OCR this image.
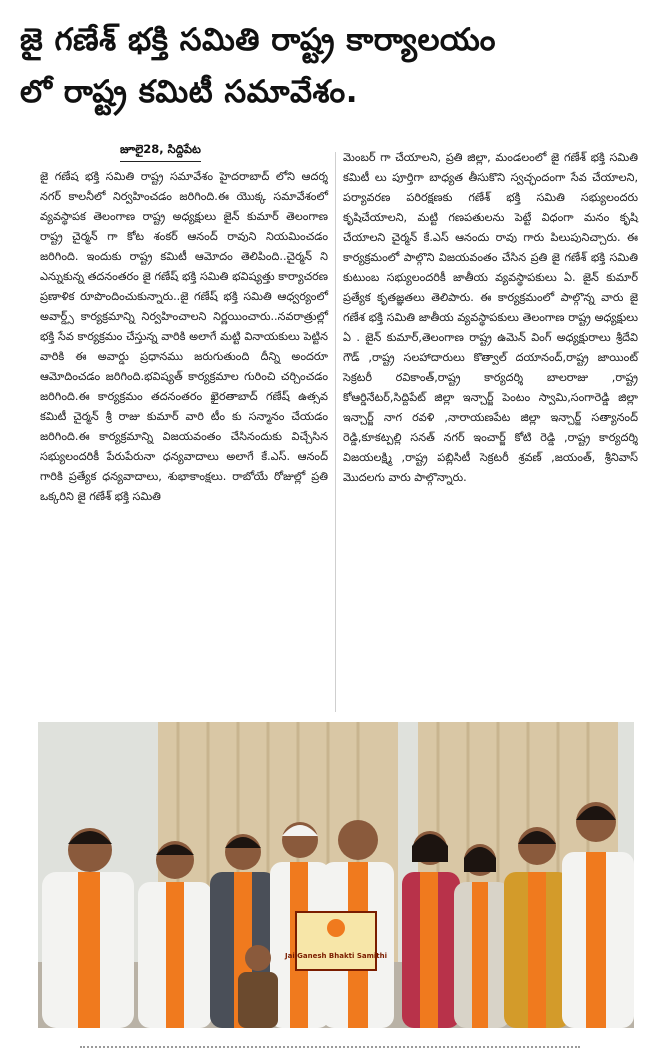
జై గణేశ్ భక్తి సమితి రాష్ట్ర కార్యాలయం
లో రాష్ట్ర కమిటీ సమావేశం.
జూలై28, సిద్దిపేట

జై గణేష భక్తి సమితి రాష్ట్ర సమావేశం హైదరాబాద్ లోని ఆదర్శ నగర్ కాలనీలో నిర్వహించడం జరిగింది.ఈ యొక్క సమావేశంలో వ్యవస్థాపక తెలంగాణ రాష్ట్ర అధ్యక్షులు జైన్ కుమార్ తెలంగాణ రాష్ట్ర చైర్మన్ గా కోట శంకర్ ఆనంద్ రావుని నియమించడం జరిగింది. ఇందుకు రాష్ట్ర కమిటీ ఆమోదం తెలిపింది..చైర్మన్ ని ఎన్నుకున్న తదనంతరం జై గణేష్ భక్తి సమితి భవిష్యత్తు కార్యాచరణ ప్రణాళిక రూపొందించుకున్నారు..జై గణేష్ భక్తి సమితి ఆధ్వర్యంలో అవార్డ్స్ కార్యక్రమాన్ని నిర్వహించాలని నిర్ణయించారు..నవరాత్రుల్లో భక్తి సేవ కార్యక్రమం చేస్తున్న వారికి అలాగే మట్టి వినాయకులు పెట్టిన వారికి ఈ అవార్డు ప్రధానము జరుగుతుంది దీన్ని అందరూ ఆమోదించడం జరిగింది.భవిష్యత్ కార్యక్రమాల గురించి చర్చించడం జరిగింది.ఈ కార్యక్రమం తదనంతరం ఖైరతాబాద్ గణేష్ ఉత్సవ కమిటీ చైర్మన్ శ్రీ రాజు కుమార్ వారి టీం కు సన్మానం చేయడం జరిగింది.ఈ కార్యక్రమాన్ని విజయవంతం చేసినందుకు విచ్చేసిన సభ్యులందరికీ పేరుపేరునా ధన్యవాదాలు అలాగే కే.ఎస్. ఆనంద్ గారికి ప్రత్యేక ధన్యవాదాలు, శుభాకాంక్షలు. రాబోయే రోజుల్లో ప్రతి ఒక్కరిని జై గణేశ్ భక్తి సమితి

మెంబర్ గా చేయాలని, ప్రతి జిల్లా, మండలంలో జై గణేశ్ భక్తి సమితి కమిటీ లు పూర్తిగా బాధ్యత తీసుకొని స్వచ్ఛందంగా సేవ చేయాలని, పర్యావరణ పరిరక్షణకు గణేశ్ భక్తి సమితి సభ్యులందరు కృషిచేయాలని, మట్టి గణపతులను పెట్టే విధంగా మనం కృషి చేయాలని చైర్మన్ కే.ఎస్ ఆనందు రావు గారు పిలుపునిచ్చారు. ఈ కార్యక్రమంలో పాల్గొని విజయవంతం చేసిన ప్రతి జై గణేశ్ భక్తి సమితి కుటుంబ సభ్యులందరికీ జాతీయ వ్యవస్థాపకులు ఏ. జైన్ కుమార్ ప్రత్యేక కృతజ్ఞతలు తెలిపారు. ఈ కార్యక్రమంలో పాల్గొన్న వారు జై గణేశ భక్తి సమితి జాతీయ వ్యవస్థాపకులు తెలంగాణ రాష్ట్ర అధ్యక్షులు ఏ . జైన్ కుమార్,తెలంగాణ రాష్ట్ర ఉమెన్ వింగ్ అధ్యక్షురాలు శ్రీదేవి గౌడ్ ,రాష్ట్ర సలహాదారులు కొత్వాల్ దయానంద్,రాష్ట్ర జాయింట్ సెక్రటరీ రవికాంత్,రాష్ట్ర కార్యదర్శి బాలరాజు ,రాష్ట్ర కోఆర్డినేటర్,సిద్దిపేట్ జిల్లా ఇన్చార్జ్ పెంటం స్వామి,సంగారెడ్డి జిల్లా ఇన్చార్జ్ నాగ రవళి ,నారాయణపేట జిల్లా ఇన్చార్జ్ సత్యానంద్ రెడ్డి,కూకట్పల్లి సనత్ నగర్ ఇంచార్జ్ కోటి రెడ్డి ,రాష్ట్ర కార్యదర్శి విజయలక్ష్మి ,రాష్ట్ర పబ్లిసిటీ సెక్రటరీ శ్రవణ్ ,జయంత్, శ్రీనివాస్ మొదలగు వారు పాల్గొన్నారు.

Jai Ganesh Bhakti Samithi
